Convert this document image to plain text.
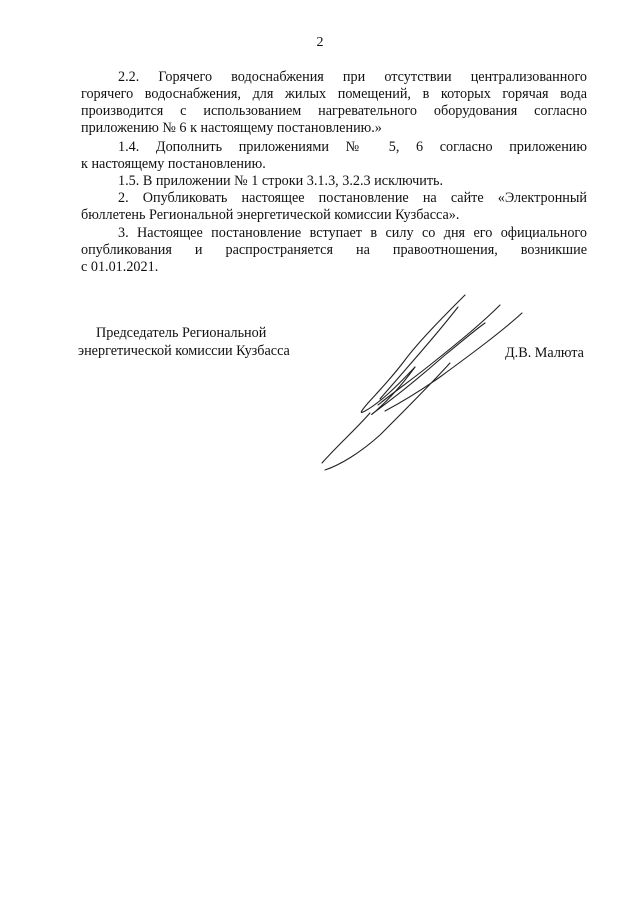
2
2.2. Горячего водоснабжения при отсутствии централизованного
горячего водоснабжения, для жилых помещений, в которых горячая вода
производится с использованием нагревательного оборудования согласно
приложению № 6 к настоящему постановлению.»
1.4. Дополнить приложениями № 5, 6 согласно приложению
к настоящему постановлению.
1.5. В приложении № 1 строки 3.1.3, 3.2.3 исключить.
2. Опубликовать настоящее постановление на сайте «Электронный
бюллетень Региональной энергетической комиссии Кузбасса».
3. Настоящее постановление вступает в силу со дня его официального
опубликования и распространяется на правоотношения, возникшие
с 01.01.2021.
Председатель Региональной
энергетической комиссии Кузбасса	Д.В. Малюта
